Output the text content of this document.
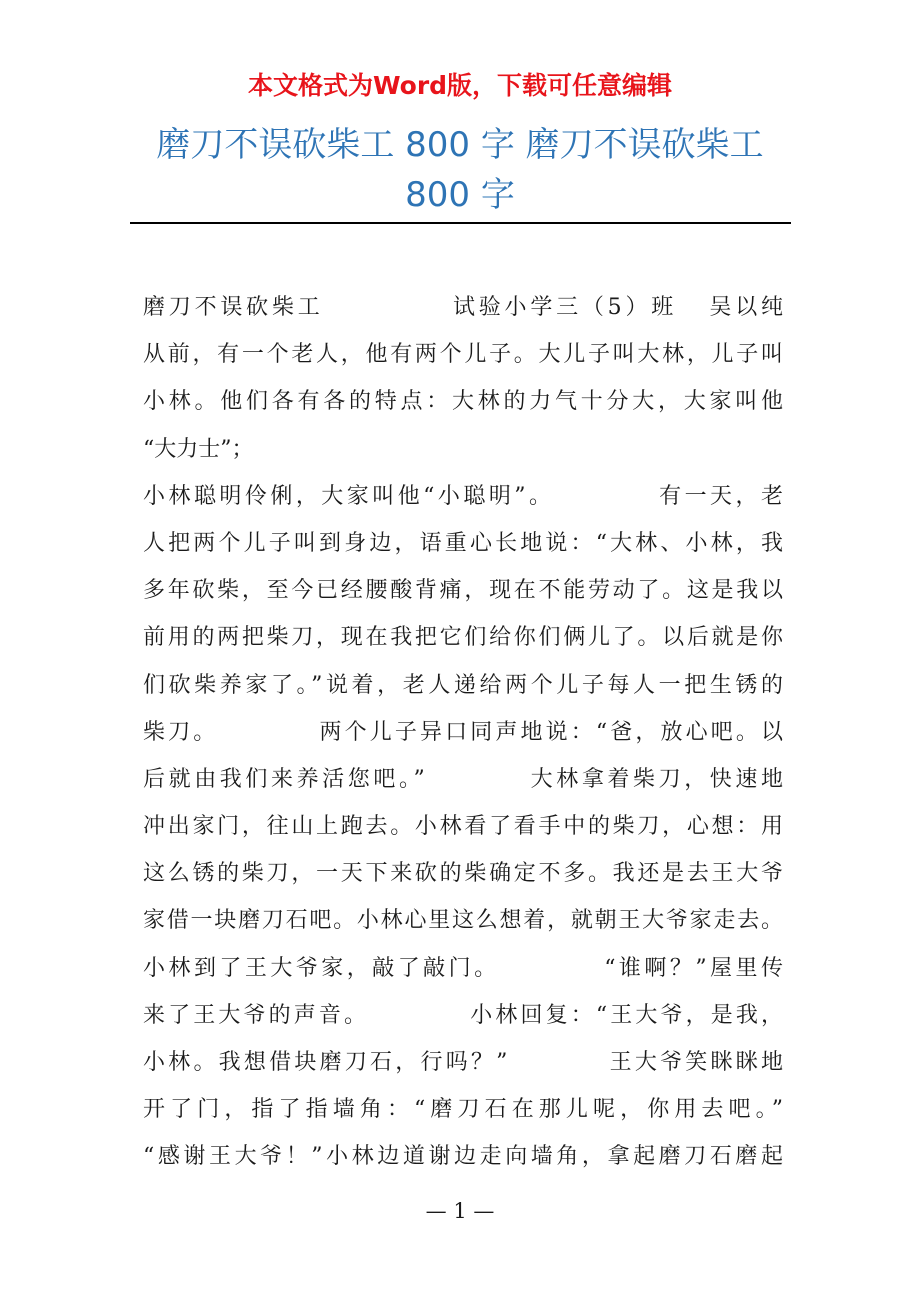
本文格式为Word版，下载可任意编辑
磨刀不误砍柴工 800 字 磨刀不误砍柴工 800 字
磨刀不误砍柴工            试验小学三（5）班   吴以纯
从前，有一个老人，他有两个儿子。大儿子叫大林，儿子叫
小林。他们各有各的特点：大林的力气十分大，大家叫他
“大力士”；
小林聪明伶俐，大家叫他“小聪明”。          有一天，老
人把两个儿子叫到身边，语重心长地说：“大林、小林，我
多年砍柴，至今已经腰酸背痛，现在不能劳动了。这是我以
前用的两把柴刀，现在我把它们给你们俩儿了。以后就是你
们砍柴养家了。”说着，老人递给两个儿子每人一把生锈的
柴刀。          两个儿子异口同声地说：“爸，放心吧。以
后就由我们来养活您吧。”          大林拿着柴刀，快速地
冲出家门，往山上跑去。小林看了看手中的柴刀，心想：用
这么锈的柴刀，一天下来砍的柴确定不多。我还是去王大爷
家借一块磨刀石吧。小林心里这么想着，就朝王大爷家走去。
小林到了王大爷家，敲了敲门。          “谁啊？”屋里传
来了王大爷的声音。          小林回复：“王大爷，是我，
小林。我想借块磨刀石，行吗？”          王大爷笑眯眯地
开了门，指了指墙角：“磨刀石在那儿呢，你用去吧。”
“感谢王大爷！”小林边道谢边走向墙角，拿起磨刀石磨起
— 1 —
